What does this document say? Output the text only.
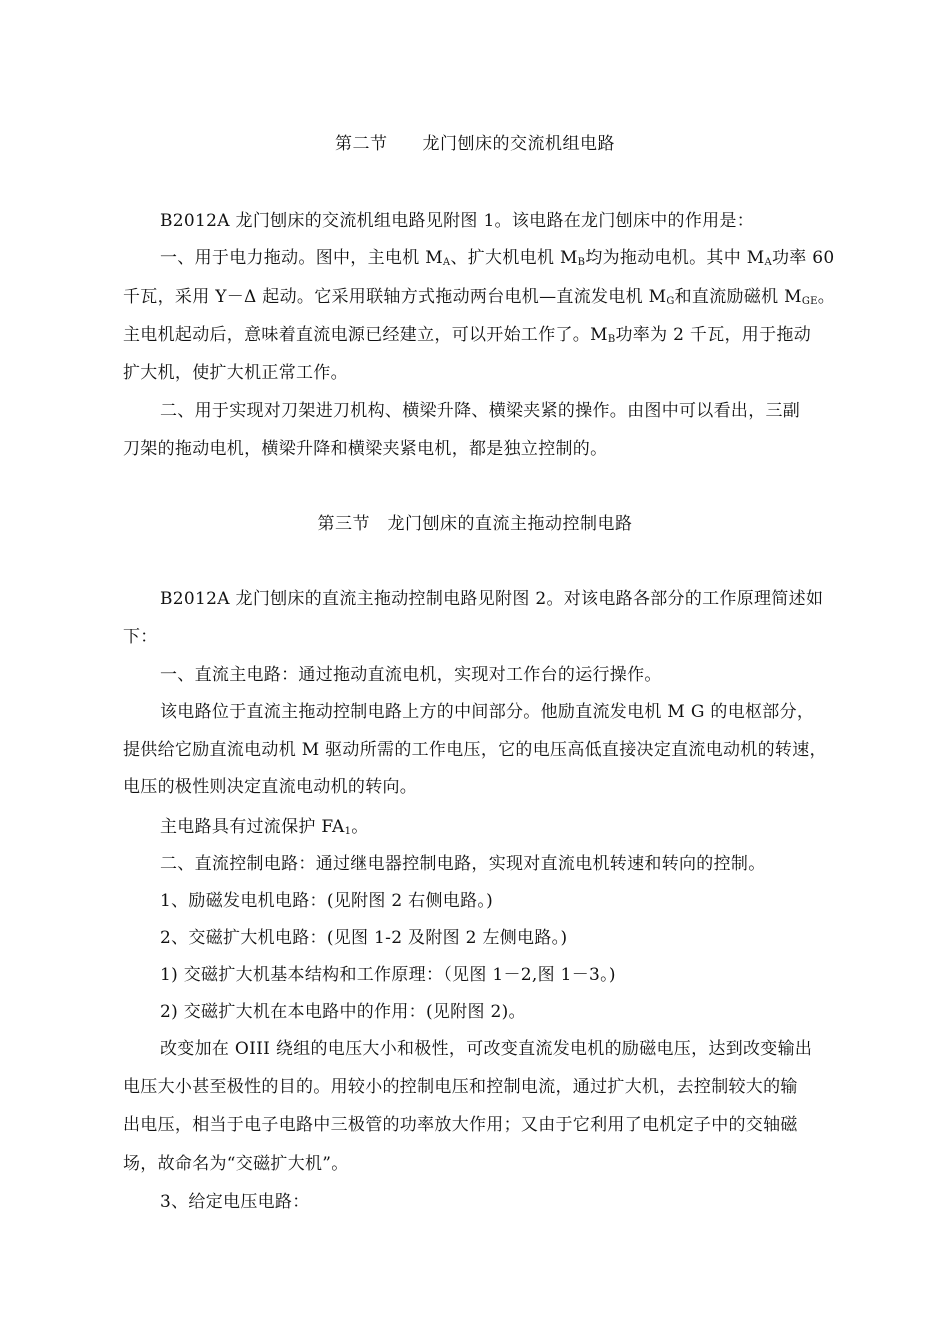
第二节　　龙门刨床的交流机组电路
B2012A 龙门刨床的交流机组电路见附图 1。该电路在龙门刨床中的作用是：
一、用于电力拖动。图中，主电机 $M_A$、扩大机电机 $M_B$均为拖动电机。其中 $M_A$功率 60
千瓦，采用 Y－Δ 起动。它采用联轴方式拖动两台电机—直流发电机 $M_G$和直流励磁机 $M_{GE}$。
主电机起动后，意味着直流电源已经建立，可以开始工作了。$M_B$功率为 2 千瓦，用于拖动
扩大机，使扩大机正常工作。
二、用于实现对刀架进刀机构、横梁升降、横梁夹紧的操作。由图中可以看出，三副
刀架的拖动电机，横梁升降和横梁夹紧电机，都是独立控制的。
第三节　龙门刨床的直流主拖动控制电路
B2012A 龙门刨床的直流主拖动控制电路见附图 2。对该电路各部分的工作原理简述如
下：
一、直流主电路：通过拖动直流电机，实现对工作台的运行操作。
该电路位于直流主拖动控制电路上方的中间部分。他励直流发电机 M G 的电枢部分，
提供给它励直流电动机 M 驱动所需的工作电压，它的电压高低直接决定直流电动机的转速，
电压的极性则决定直流电动机的转向。
主电路具有过流保护 $FA_1$。
二、直流控制电路：通过继电器控制电路，实现对直流电机转速和转向的控制。
1、励磁发电机电路：(见附图 2 右侧电路。)
2、交磁扩大机电路：(见图 1-2 及附图 2 左侧电路。)
1) 交磁扩大机基本结构和工作原理：（见图 1－2,图 1－3。)
2) 交磁扩大机在本电路中的作用：(见附图 2)。
改变加在 OIII 绕组的电压大小和极性，可改变直流发电机的励磁电压，达到改变输出
电压大小甚至极性的目的。用较小的控制电压和控制电流，通过扩大机，去控制较大的输
出电压，相当于电子电路中三极管的功率放大作用；又由于它利用了电机定子中的交轴磁
场，故命名为“交磁扩大机”。
3、给定电压电路：
